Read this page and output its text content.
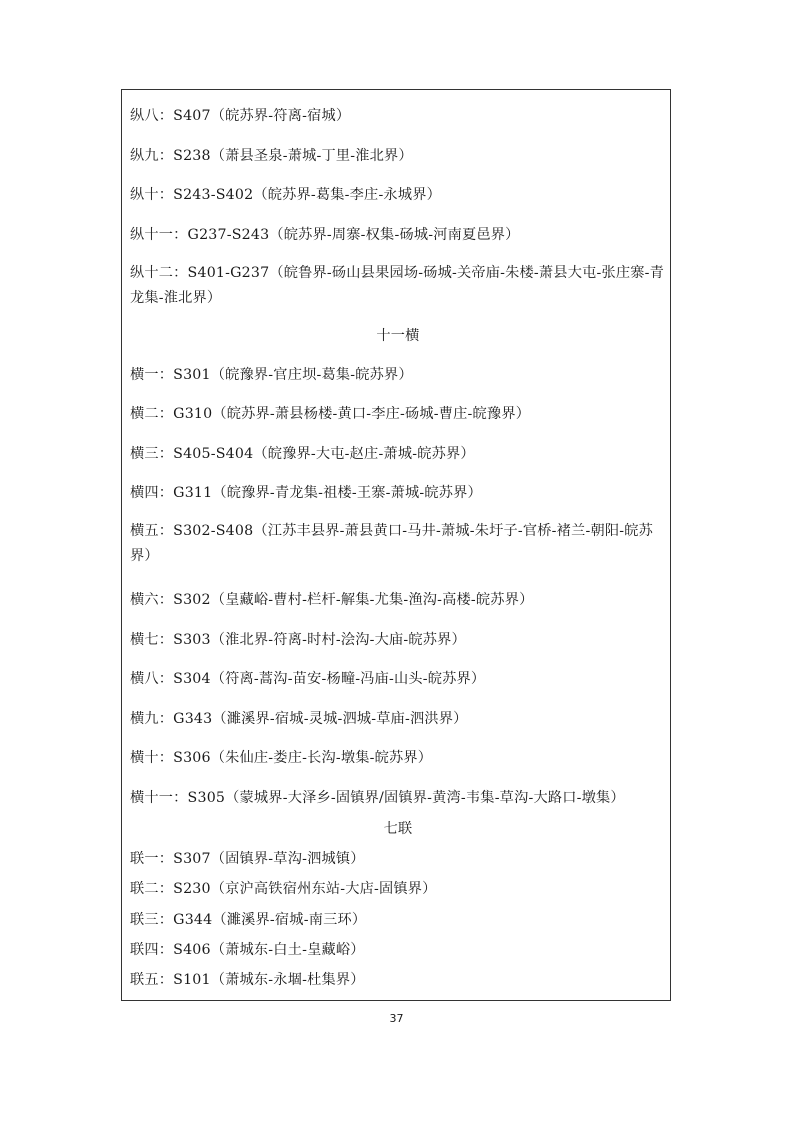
纵八：S407（皖苏界-符离-宿城）
纵九：S238（萧县圣泉-萧城-丁里-淮北界）
纵十：S243-S402（皖苏界-葛集-李庄-永城界）
纵十一：G237-S243（皖苏界-周寨-权集-砀城-河南夏邑界）
纵十二：S401-G237（皖鲁界-砀山县果园场-砀城-关帝庙-朱楼-萧县大屯-张庄寨-青龙集-淮北界）
十一横
横一：S301（皖豫界-官庄坝-葛集-皖苏界）
横二：G310（皖苏界-萧县杨楼-黄口-李庄-砀城-曹庄-皖豫界）
横三：S405-S404（皖豫界-大屯-赵庄-萧城-皖苏界）
横四：G311（皖豫界-青龙集-祖楼-王寨-萧城-皖苏界）
横五：S302-S408（江苏丰县界-萧县黄口-马井-萧城-朱圩子-官桥-褚兰-朝阳-皖苏界）
横六：S302（皇藏峪-曹村-栏杆-解集-尤集-渔沟-高楼-皖苏界）
横七：S303（淮北界-符离-时村-浍沟-大庙-皖苏界）
横八：S304（符离-蒿沟-苗安-杨疃-冯庙-山头-皖苏界）
横九：G343（濉溪界-宿城-灵城-泗城-草庙-泗洪界）
横十：S306（朱仙庄-娄庄-长沟-墩集-皖苏界）
横十一：S305（蒙城界-大泽乡-固镇界/固镇界-黄湾-韦集-草沟-大路口-墩集）
七联
联一：S307（固镇界-草沟-泗城镇）
联二：S230（京沪高铁宿州东站-大店-固镇界）
联三：G344（濉溪界-宿城-南三环）
联四：S406（萧城东-白土-皇藏峪）
联五：S101（萧城东-永堌-杜集界）
37
